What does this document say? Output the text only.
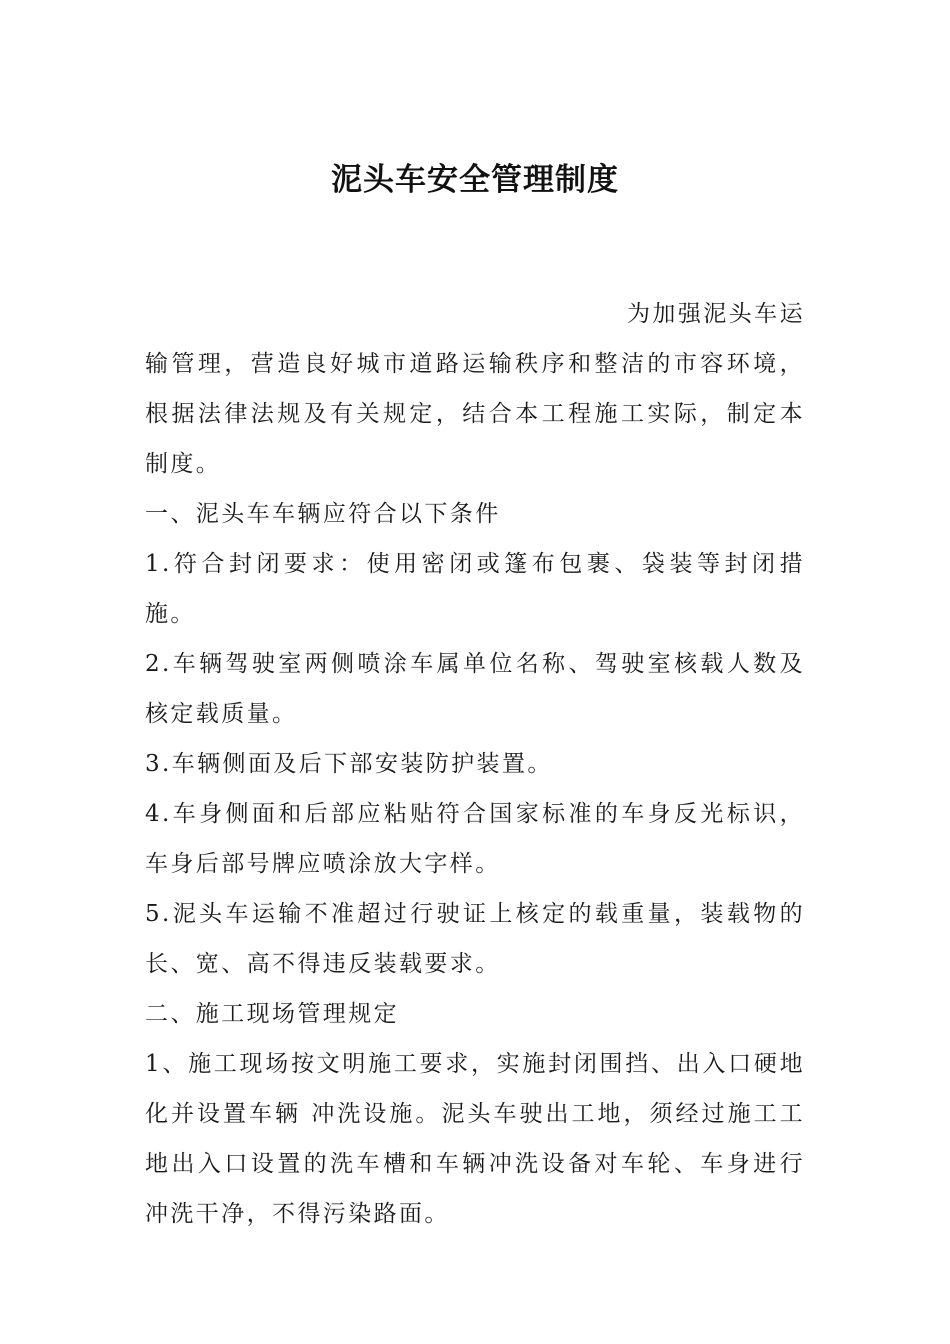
泥头车安全管理制度

为加强泥头车运输管理，营造良好城市道路运输秩序和整洁的市容环境，根据法律法规及有关规定，结合本工程施工实际，制定本制度。

一、泥头车车辆应符合以下条件

1.符合封闭要求：使用密闭或篷布包裹、袋装等封闭措施。

2.车辆驾驶室两侧喷涂车属单位名称、驾驶室核载人数及核定载质量。

3.车辆侧面及后下部安装防护装置。

4.车身侧面和后部应粘贴符合国家标准的车身反光标识，车身后部号牌应喷涂放大字样。

5.泥头车运输不准超过行驶证上核定的载重量，装载物的长、宽、高不得违反装载要求。

二、施工现场管理规定

1、施工现场按文明施工要求，实施封闭围挡、出入口硬地化并设置车辆 冲洗设施。泥头车驶出工地，须经过施工工地出入口设置的洗车槽和车辆冲洗设备对车轮、车身进行冲洗干净，不得污染路面。
